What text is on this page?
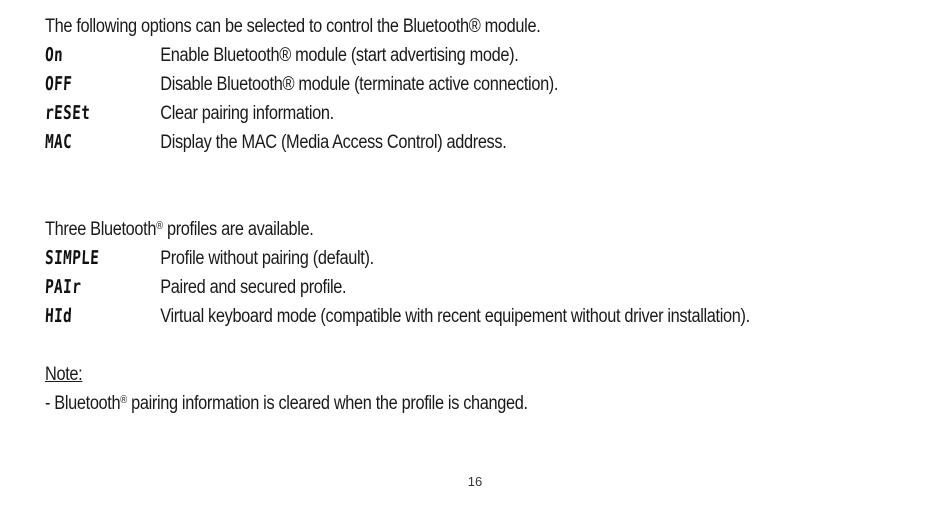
The following options can be selected to control the Bluetooth® module.
On	Enable Bluetooth® module (start advertising mode).
OFF	Disable Bluetooth® module (terminate active connection).
rESEt	Clear pairing information.
MAC	Display the MAC (Media Access Control) address.
Three Bluetooth® profiles are available.
SIMPLE	Profile without pairing (default).
PAIr	Paired and secured profile.
HId	Virtual keyboard mode (compatible with recent equipement without driver installation).
Note:
- Bluetooth® pairing information is cleared when the profile is changed.
16
